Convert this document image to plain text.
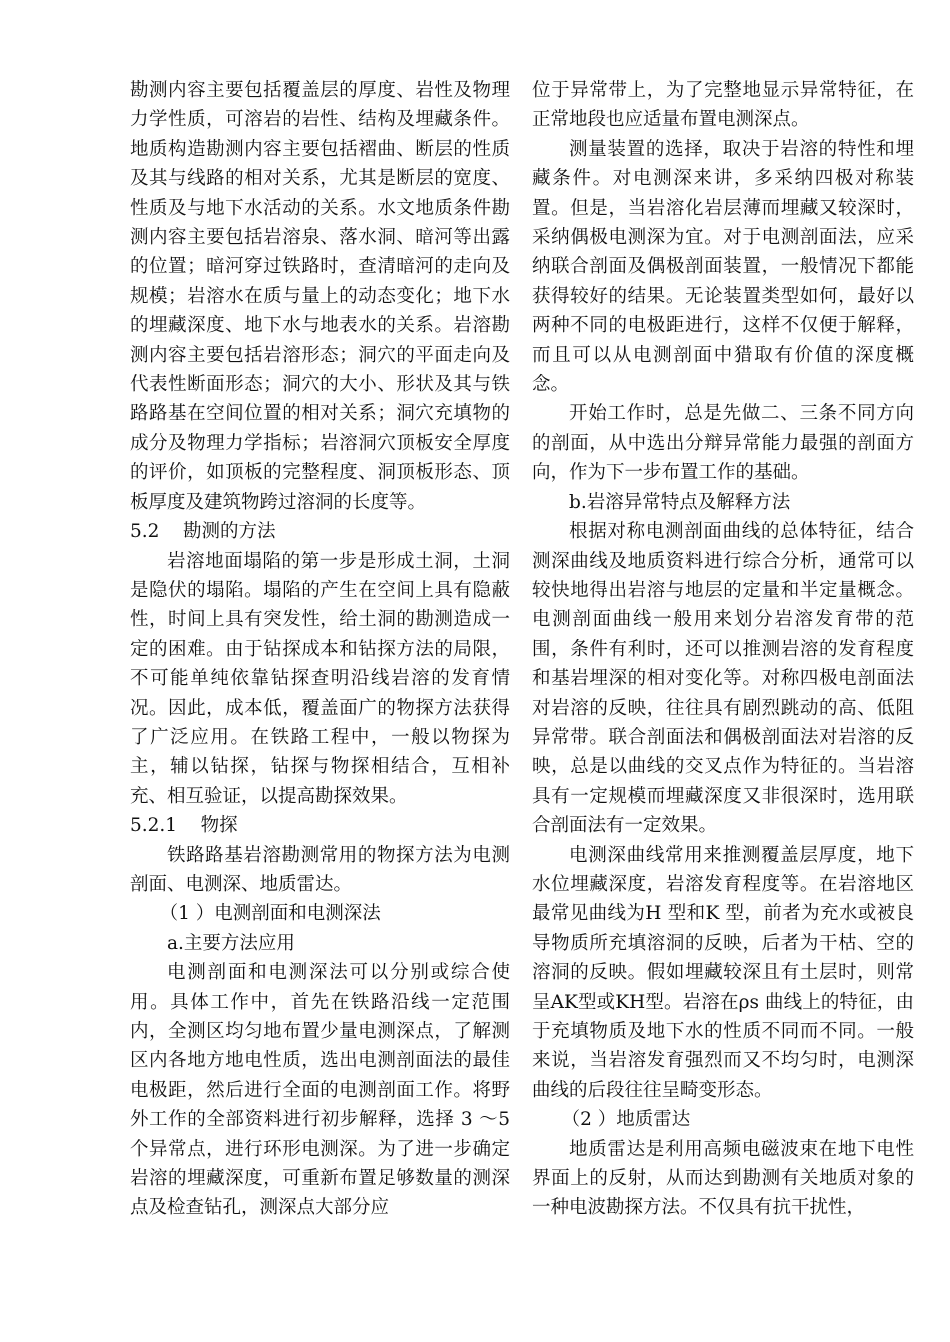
勘测内容主要包括覆盖层的厚度、岩性及物理力学性质，可溶岩的岩性、结构及埋藏条件。地质构造勘测内容主要包括褶曲、断层的性质及其与线路的相对关系，尤其是断层的宽度、性质及与地下水活动的关系。水文地质条件勘测内容主要包括岩溶泉、落水洞、暗河等出露的位置；暗河穿过铁路时，查清暗河的走向及规模；岩溶水在质与量上的动态变化；地下水的埋藏深度、地下水与地表水的关系。岩溶勘测内容主要包括岩溶形态；洞穴的平面走向及代表性断面形态；洞穴的大小、形状及其与铁路路基在空间位置的相对关系；洞穴充填物的成分及物理力学指标；岩溶洞穴顶板安全厚度的评价，如顶板的完整程度、洞顶板形态、顶板厚度及建筑物跨过溶洞的长度等。

5.2    勘测的方法

岩溶地面塌陷的第一步是形成土洞，土洞是隐伏的塌陷。塌陷的产生在空间上具有隐蔽性，时间上具有突发性，给土洞的勘测造成一定的困难。由于钻探成本和钻探方法的局限，不可能单纯依靠钻探查明沿线岩溶的发育情况。因此，成本低，覆盖面广的物探方法获得了广泛应用。在铁路工程中，一般以物探为主，辅以钻探，钻探与物探相结合，互相补充、相互验证，以提高勘探效果。

5.2.1    物探

铁路路基岩溶勘测常用的物探方法为电测剖面、电测深、地质雷达。

（1 ）电测剖面和电测深法

a.主要方法应用

电测剖面和电测深法可以分别或综合使用。具体工作中，首先在铁路沿线一定范围内，全测区均匀地布置少量电测深点，了解测区内各地方地电性质，选出电测剖面法的最佳电极距，然后进行全面的电测剖面工作。将野外工作的全部资料进行初步解释，选择 3 ～5 个异常点，进行环形电测深。为了进一步确定岩溶的埋藏深度，可重新布置足够数量的测深点及检查钻孔，测深点大部分应

位于异常带上，为了完整地显示异常特征，在正常地段也应适量布置电测深点。

测量装置的选择，取决于岩溶的特性和埋藏条件。对电测深来讲，多采纳四极对称装置。但是，当岩溶化岩层薄而埋藏又较深时，采纳偶极电测深为宜。对于电测剖面法，应采纳联合剖面及偶极剖面装置，一般情况下都能获得较好的结果。无论装置类型如何，最好以两种不同的电极距进行，这样不仅便于解释，而且可以从电测剖面中猎取有价值的深度概念。

开始工作时，总是先做二、三条不同方向的剖面，从中选出分辩异常能力最强的剖面方向，作为下一步布置工作的基础。

b.岩溶异常特点及解释方法

根据对称电测剖面曲线的总体特征，结合测深曲线及地质资料进行综合分析，通常可以较快地得出岩溶与地层的定量和半定量概念。电测剖面曲线一般用来划分岩溶发育带的范围，条件有利时，还可以推测岩溶的发育程度和基岩埋深的相对变化等。对称四极电剖面法对岩溶的反映，往往具有剧烈跳动的高、低阻异常带。联合剖面法和偶极剖面法对岩溶的反映，总是以曲线的交叉点作为特征的。当岩溶具有一定规模而埋藏深度又非很深时，选用联合剖面法有一定效果。

电测深曲线常用来推测覆盖层厚度，地下水位埋藏深度，岩溶发育程度等。在岩溶地区最常见曲线为H 型和K 型，前者为充水或被良导物质所充填溶洞的反映，后者为干枯、空的溶洞的反映。假如埋藏较深且有土层时，则常呈AK型或KH型。岩溶在ρs 曲线上的特征，由于充填物质及地下水的性质不同而不同。一般来说，当岩溶发育强烈而又不均匀时，电测深曲线的后段往往呈畸变形态。

（2 ）地质雷达

地质雷达是利用高频电磁波束在地下电性界面上的反射，从而达到勘测有关地质对象的一种电波勘探方法。不仅具有抗干扰性，
